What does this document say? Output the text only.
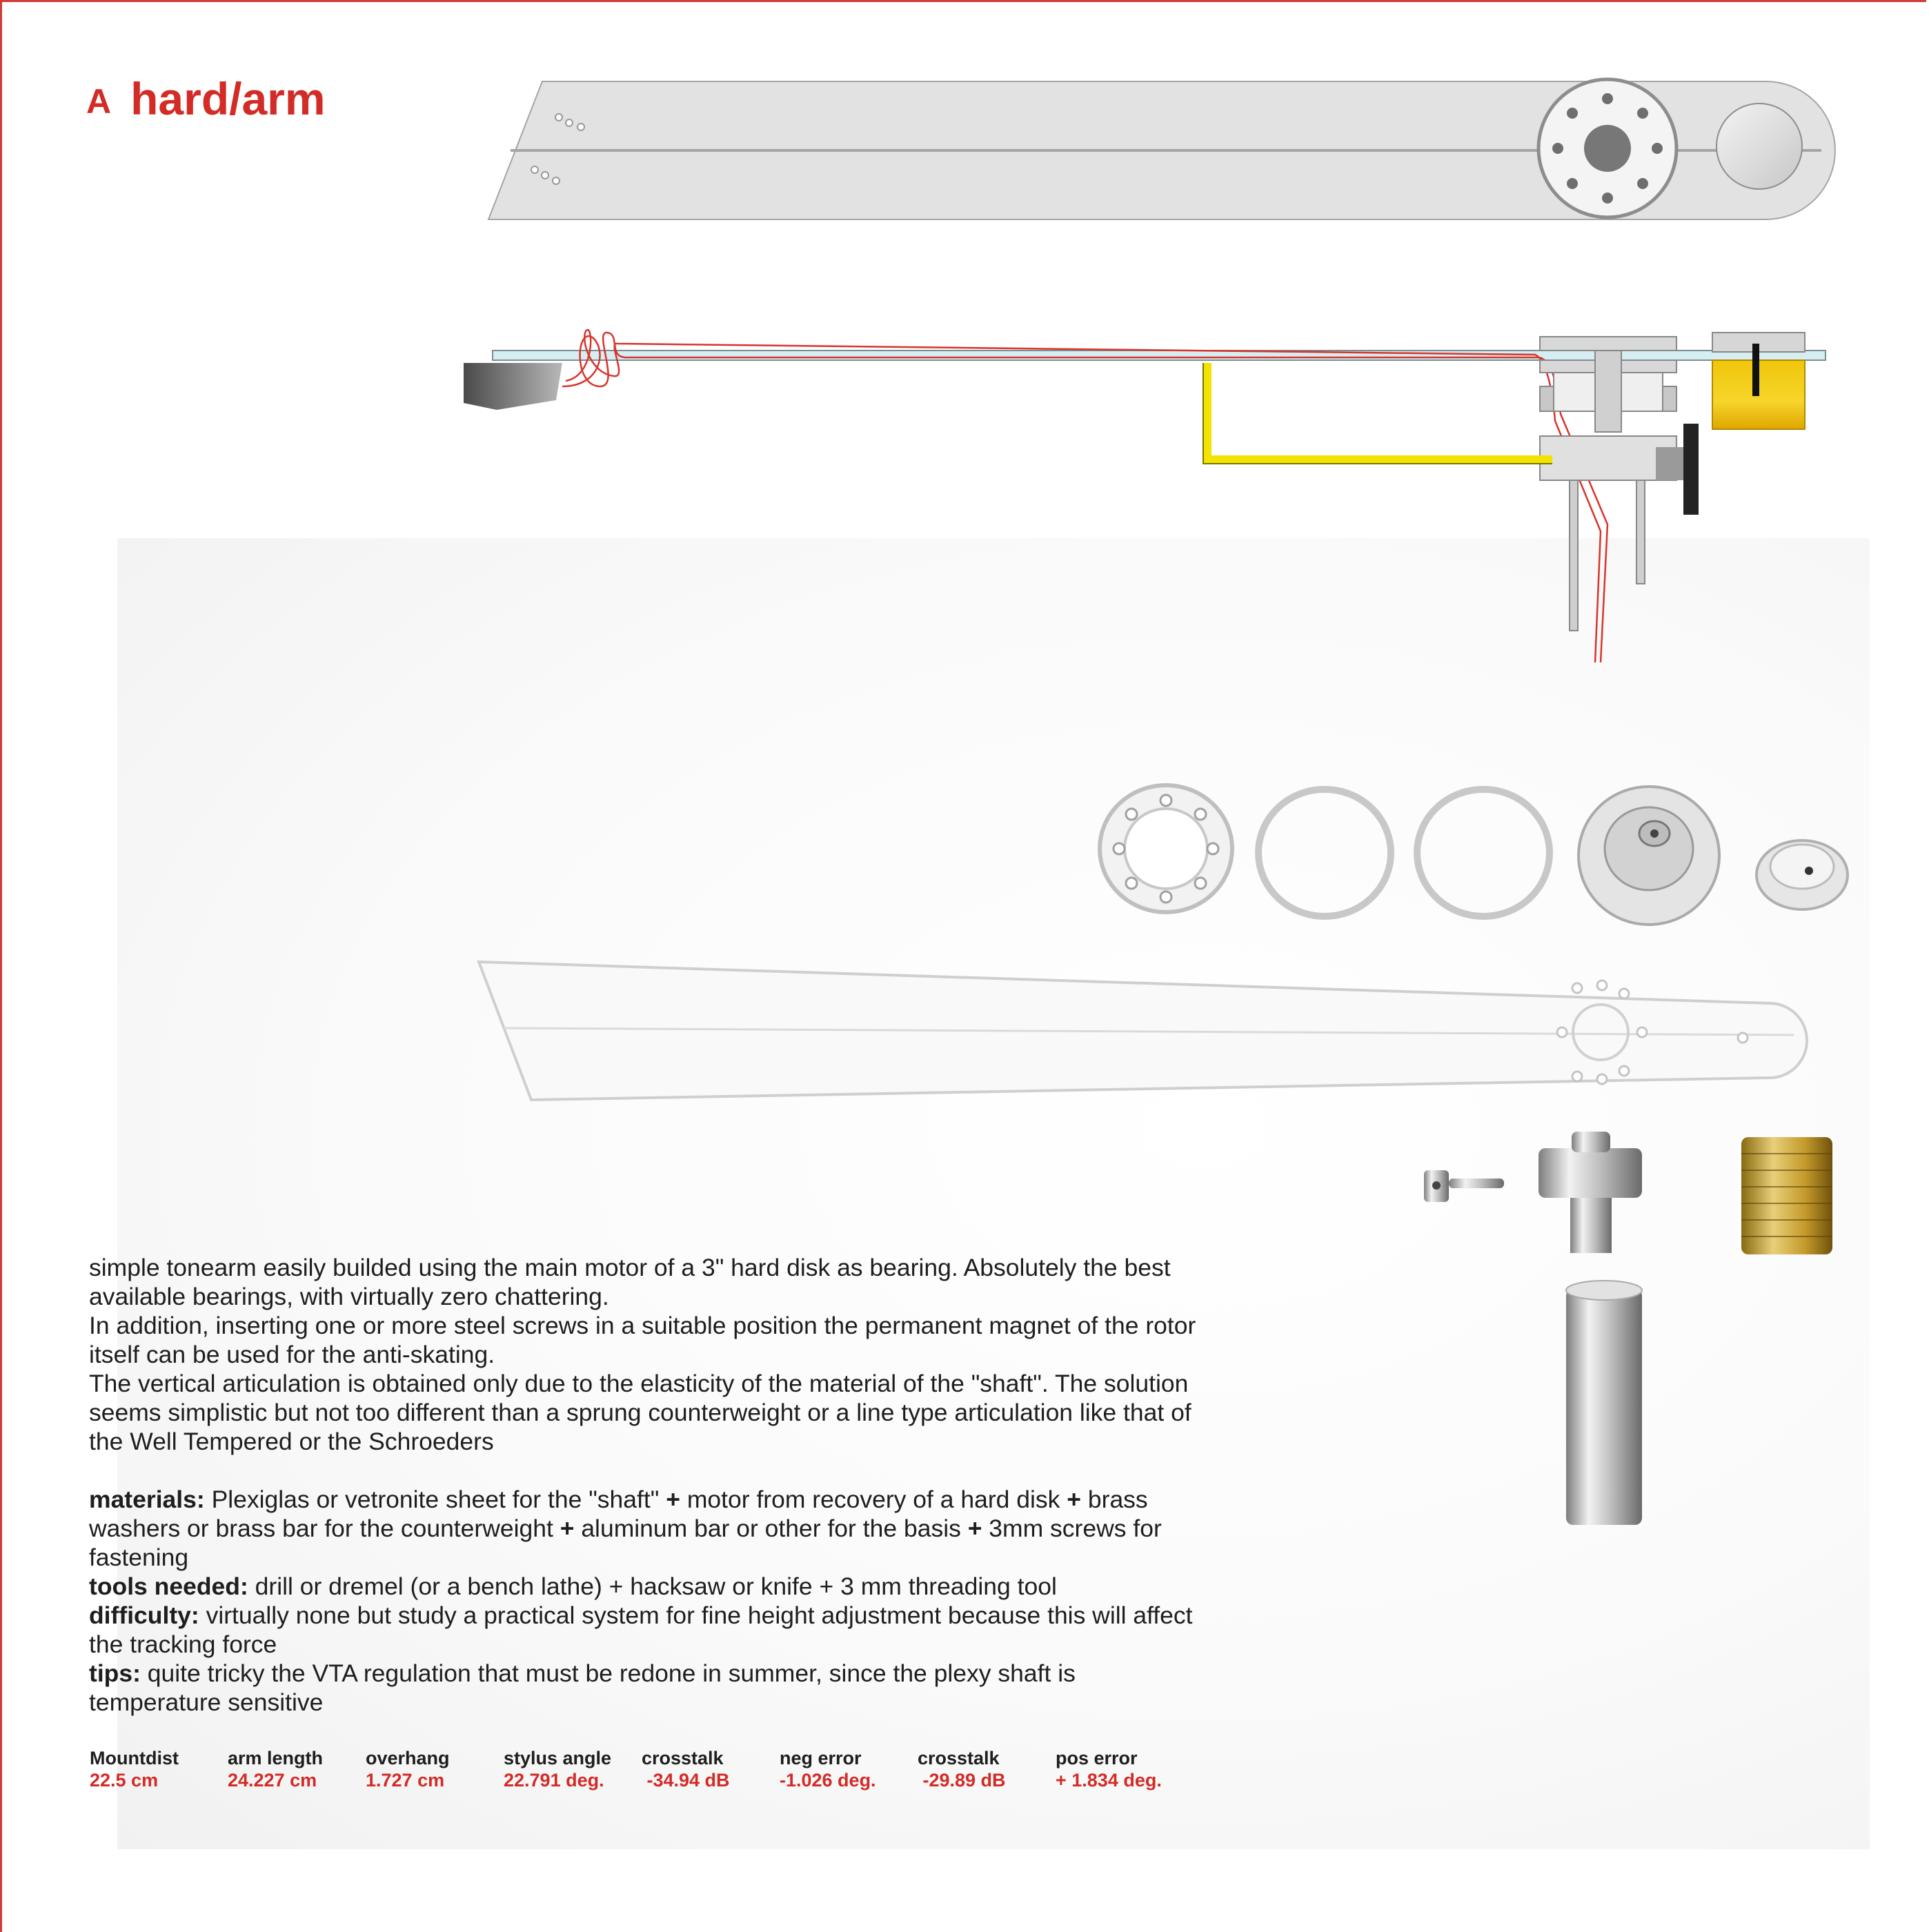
A hard/arm

simple tonearm easily builded using the main motor of a 3" hard disk as bearing. Absolutely the best available bearings, with virtually zero chattering.

In addition, inserting one or more steel screws in a suitable position the permanent magnet of the rotor itself can be used for the anti-skating.

The vertical articulation is obtained only due to the elasticity of the material of the "shaft". The solution seems simplistic but not too different than a sprung counterweight or a line type articulation like that of the Well Tempered or the Schroeders

materials: Plexiglas or vetronite sheet for the "shaft" + motor from recovery of a hard disk + brass washers or brass bar for the counterweight + aluminum bar or other for the basis + 3mm screws for fastening

tools needed: drill or dremel (or a bench lathe) + hacksaw or knife + 3 mm threading tool

difficulty: virtually none but study a practical system for fine height adjustment because this will affect the tracking force

tips: quite tricky the VTA regulation that must be redone in summer, since the plexy shaft is temperature sensitive

Mountdist
22.5 cm
arm length
24.227 cm
overhang
1.727 cm
stylus angle
22.791 deg.
crosstalk
-34.94 dB
neg error
-1.026 deg.
crosstalk
-29.89 dB
pos error
+ 1.834 deg.
